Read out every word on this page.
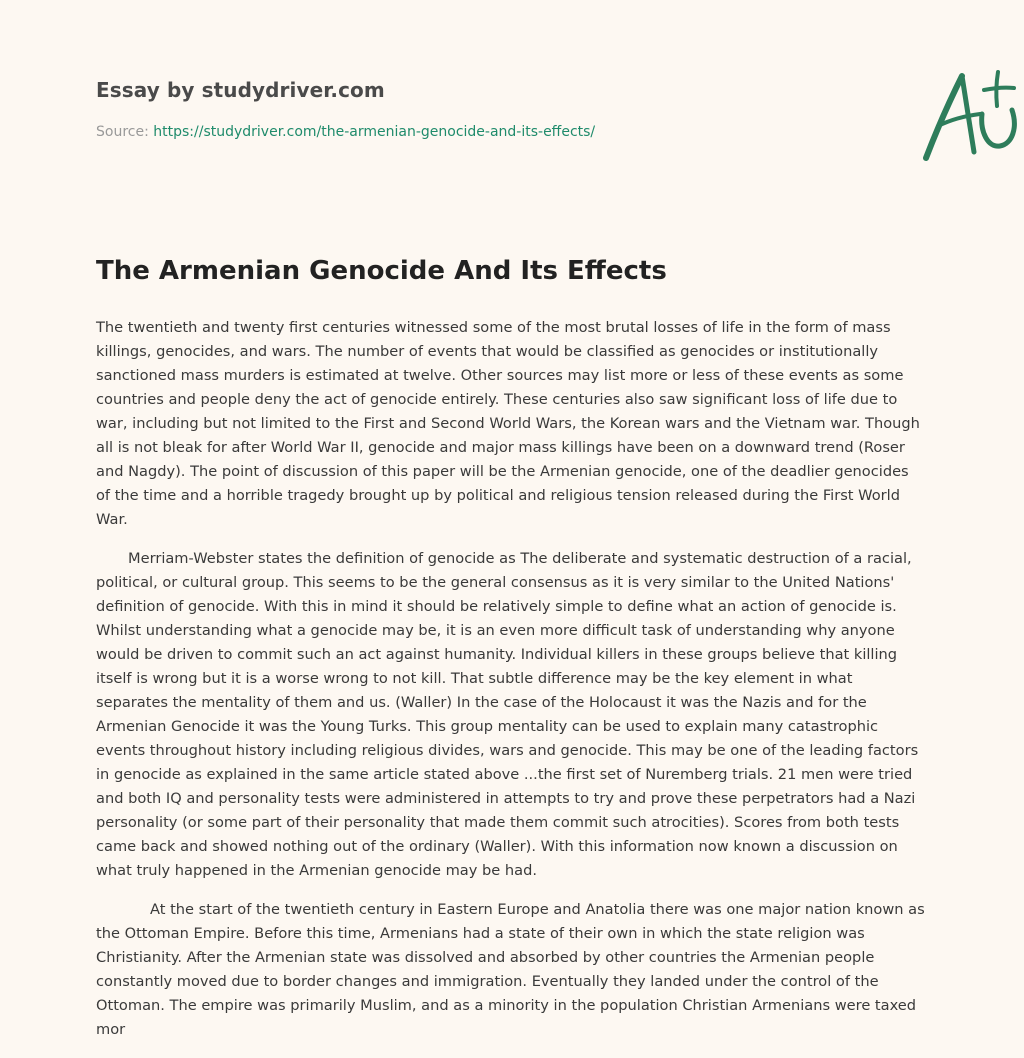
Essay by studydriver.com
Source: https://studydriver.com/the-armenian-genocide-and-its-effects/
The Armenian Genocide And Its Effects

The twentieth and twenty first centuries witnessed some of the most brutal losses of life in the form of mass killings, genocides, and wars. The number of events that would be classified as genocides or institutionally sanctioned mass murders is estimated at twelve. Other sources may list more or less of these events as some countries and people deny the act of genocide entirely. These centuries also saw significant loss of life due to war, including but not limited to the First and Second World Wars, the Korean wars and the Vietnam war. Though all is not bleak for after World War II, genocide and major mass killings have been on a downward trend (Roser and Nagdy). The point of discussion of this paper will be the Armenian genocide, one of the deadlier genocides of the time and a horrible tragedy brought up by political and religious tension released during the First World War.

Merriam-Webster states the definition of genocide as The deliberate and systematic destruction of a racial, political, or cultural group. This seems to be the general consensus as it is very similar to the United Nations' definition of genocide. With this in mind it should be relatively simple to define what an action of genocide is. Whilst understanding what a genocide may be, it is an even more difficult task of understanding why anyone would be driven to commit such an act against humanity. Individual killers in these groups believe that killing itself is wrong but it is a worse wrong to not kill. That subtle difference may be the key element in what separates the mentality of them and us. (Waller) In the case of the Holocaust it was the Nazis and for the Armenian Genocide it was the Young Turks. This group mentality can be used to explain many catastrophic events throughout history including religious divides, wars and genocide. This may be one of the leading factors in genocide as explained in the same article stated above ...the first set of Nuremberg trials. 21 men were tried and both IQ and personality tests were administered in attempts to try and prove these perpetrators had a Nazi personality (or some part of their personality that made them commit such atrocities). Scores from both tests came back and showed nothing out of the ordinary (Waller). With this information now known a discussion on what truly happened in the Armenian genocide may be had.

At the start of the twentieth century in Eastern Europe and Anatolia there was one major nation known as the Ottoman Empire. Before this time, Armenians had a state of their own in which the state religion was Christianity. After the Armenian state was dissolved and absorbed by other countries the Armenian people constantly moved due to border changes and immigration. Eventually they landed under the control of the Ottoman. The empire was primarily Muslim, and as a minority in the population Christian Armenians were taxed mor
